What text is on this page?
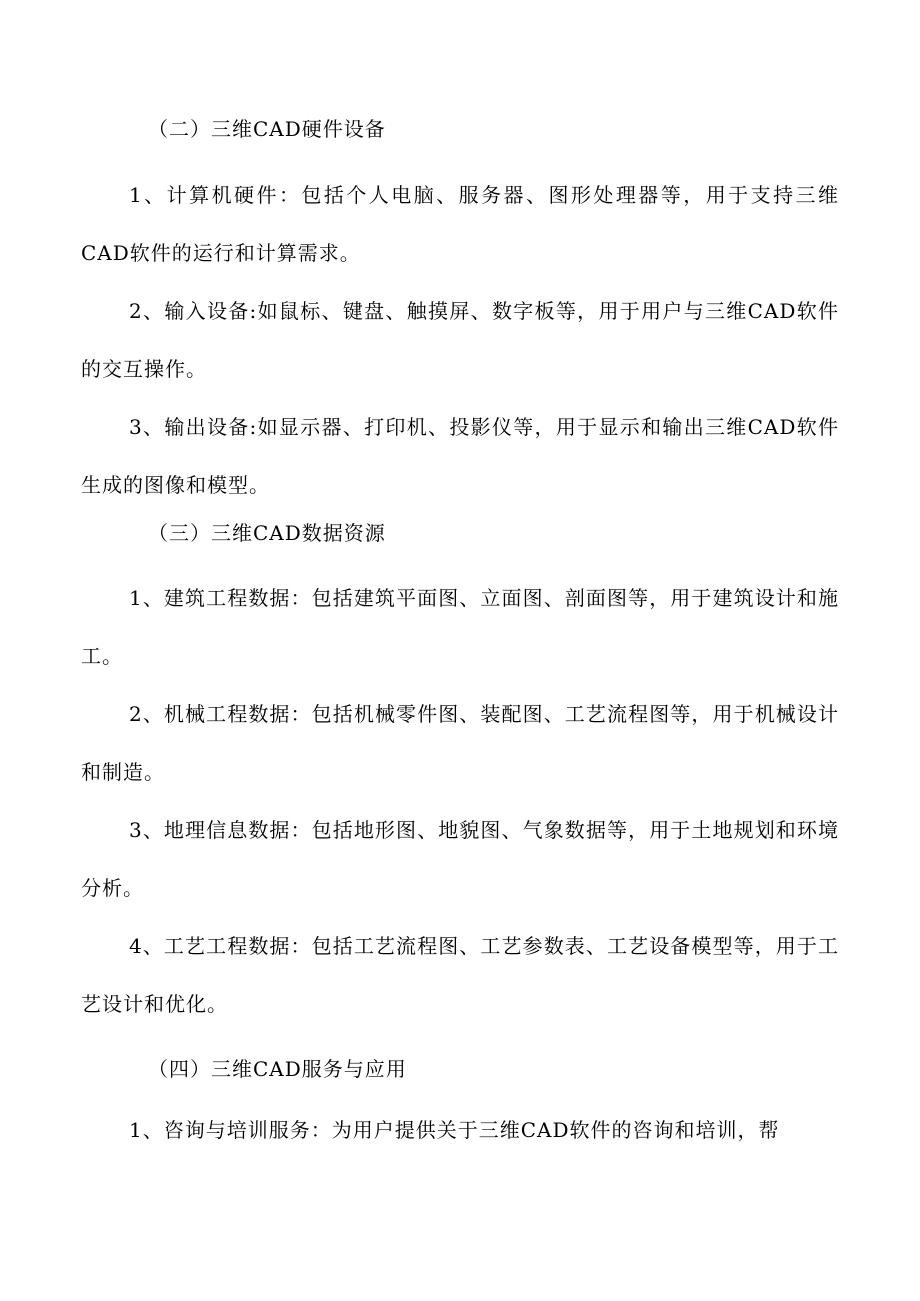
（二）三维CAD硬件设备

1、计算机硬件：包括个人电脑、服务器、图形处理器等，用于支持三维CAD软件的运行和计算需求。

2、输入设备:如鼠标、键盘、触摸屏、数字板等，用于用户与三维CAD软件的交互操作。

3、输出设备:如显示器、打印机、投影仪等，用于显示和输出三维CAD软件生成的图像和模型。

（三）三维CAD数据资源

1、建筑工程数据：包括建筑平面图、立面图、剖面图等，用于建筑设计和施工。

2、机械工程数据：包括机械零件图、装配图、工艺流程图等，用于机械设计和制造。

3、地理信息数据：包括地形图、地貌图、气象数据等，用于土地规划和环境分析。

4、工艺工程数据：包括工艺流程图、工艺参数表、工艺设备模型等，用于工艺设计和优化。

（四）三维CAD服务与应用

1、咨询与培训服务：为用户提供关于三维CAD软件的咨询和培训，帮
